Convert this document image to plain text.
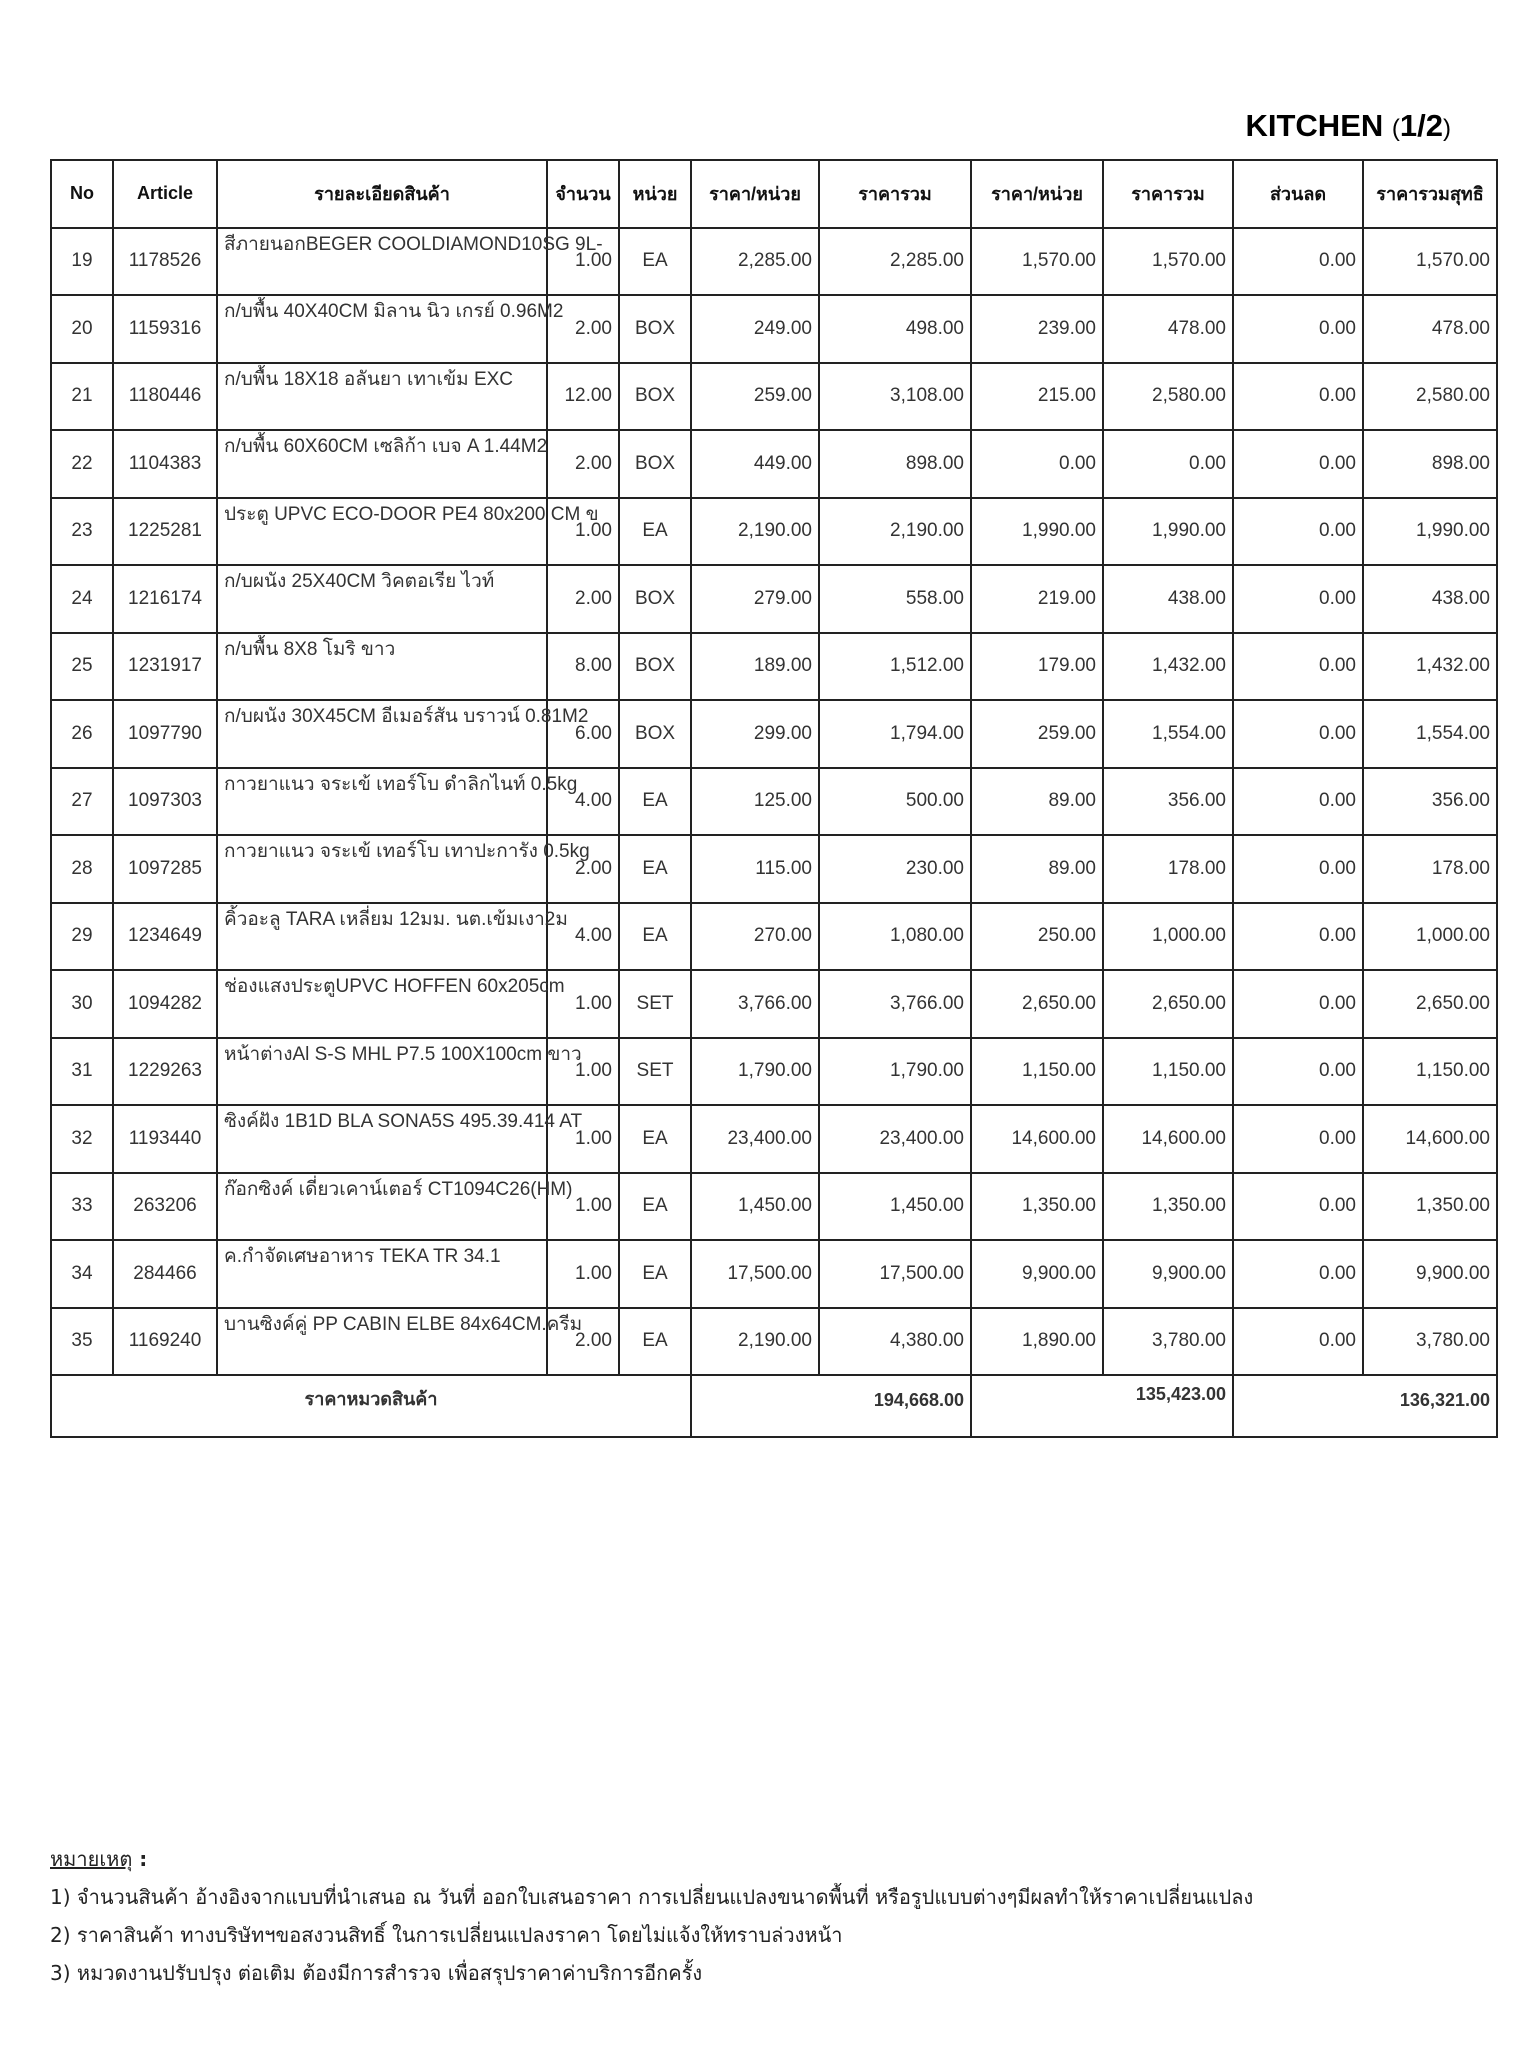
KITCHEN (1/2)
No	Article	รายละเอียดสินค้า	จำนวน	หน่วย	ราคา/หน่วย	ราคารวม	ราคา/หน่วย	ราคารวม	ส่วนลด	ราคารวมสุทธิ
19	1178526	สีภายนอกBEGER COOLDIAMOND10SG 9L-	1.00	EA	2,285.00	2,285.00	1,570.00	1,570.00	0.00	1,570.00
20	1159316	ก/บพื้น 40X40CM มิลาน นิว เกรย์ 0.96M2	2.00	BOX	249.00	498.00	239.00	478.00	0.00	478.00
21	1180446	ก/บพื้น 18X18 อลันยา เทาเข้ม EXC	12.00	BOX	259.00	3,108.00	215.00	2,580.00	0.00	2,580.00
22	1104383	ก/บพื้น 60X60CM เซลิก้า เบจ A 1.44M2	2.00	BOX	449.00	898.00	0.00	0.00	0.00	898.00
23	1225281	ประตู UPVC ECO-DOOR PE4 80x200 CM ข	1.00	EA	2,190.00	2,190.00	1,990.00	1,990.00	0.00	1,990.00
24	1216174	ก/บผนัง 25X40CM วิคตอเรีย ไวท์	2.00	BOX	279.00	558.00	219.00	438.00	0.00	438.00
25	1231917	ก/บพื้น 8X8 โมริ ขาว	8.00	BOX	189.00	1,512.00	179.00	1,432.00	0.00	1,432.00
26	1097790	ก/บผนัง 30X45CM อีเมอร์สัน บราวน์ 0.81M2	6.00	BOX	299.00	1,794.00	259.00	1,554.00	0.00	1,554.00
27	1097303	กาวยาแนว จระเข้ เทอร์โบ ดำลิกไนท์ 0.5kg	4.00	EA	125.00	500.00	89.00	356.00	0.00	356.00
28	1097285	กาวยาแนว จระเข้ เทอร์โบ เทาปะการัง 0.5kg	2.00	EA	115.00	230.00	89.00	178.00	0.00	178.00
29	1234649	คิ้วอะลู TARA เหลี่ยม 12มม. นต.เข้มเงา2ม	4.00	EA	270.00	1,080.00	250.00	1,000.00	0.00	1,000.00
30	1094282	ช่องแสงประตูUPVC HOFFEN 60x205cm	1.00	SET	3,766.00	3,766.00	2,650.00	2,650.00	0.00	2,650.00
31	1229263	หน้าต่างAl S-S MHL P7.5 100X100cm ขาว	1.00	SET	1,790.00	1,790.00	1,150.00	1,150.00	0.00	1,150.00
32	1193440	ซิงค์ฝัง 1B1D BLA SONA5S 495.39.414 AT	1.00	EA	23,400.00	23,400.00	14,600.00	14,600.00	0.00	14,600.00
33	263206	ก๊อกซิงค์ เดี่ยวเคาน์เตอร์ CT1094C26(HM)	1.00	EA	1,450.00	1,450.00	1,350.00	1,350.00	0.00	1,350.00
34	284466	ค.กำจัดเศษอาหาร TEKA TR 34.1	1.00	EA	17,500.00	17,500.00	9,900.00	9,900.00	0.00	9,900.00
35	1169240	บานซิงค์คู่ PP CABIN ELBE 84x64CM.ครีม	2.00	EA	2,190.00	4,380.00	1,890.00	3,780.00	0.00	3,780.00
ราคาหมวดสินค้า					194,668.00		135,423.00		136,321.00	
หมายเหตุ :
1) จำนวนสินค้า อ้างอิงจากแบบที่นำเสนอ ณ วันที่ ออกใบเสนอราคา การเปลี่ยนแปลงขนาดพื้นที่ หรือรูปแบบต่างๆมีผลทำให้ราคาเปลี่ยนแปลง
2) ราคาสินค้า ทางบริษัทฯขอสงวนสิทธิ์ ในการเปลี่ยนแปลงราคา โดยไม่แจ้งให้ทราบล่วงหน้า
3) หมวดงานปรับปรุง ต่อเติม ต้องมีการสำรวจ เพื่อสรุปราคาค่าบริการอีกครั้ง
